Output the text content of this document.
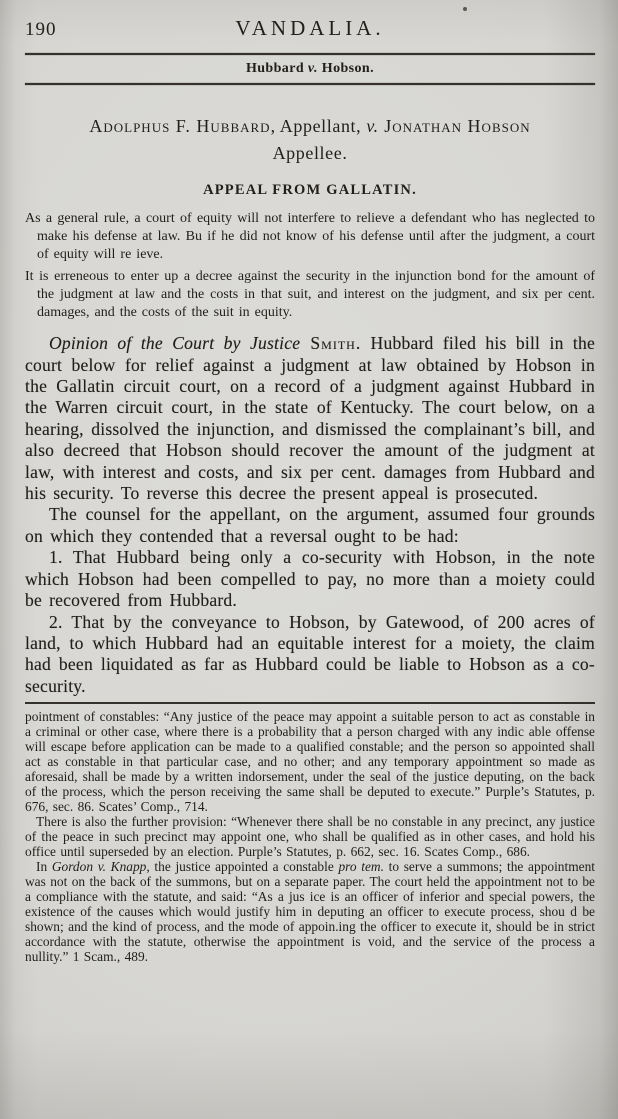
190	VANDALIA.
Hubbard v. Hobson.
Adolphus F. Hubbard, Appellant, v. Jonathan Hobson
Appellee.
APPEAL FROM GALLATIN.

As a general rule, a court of equity will not interfere to relieve a defendant who has neglected to make his defense at law. Bu if he did not know of his defense until after the judgment, a court of equity will re ieve.

It is erreneous to enter up a decree against the security in the injunction bond for the amount of the judgment at law and the costs in that suit, and interest on the judgment, and six per cent. damages, and the costs of the suit in equity.

Opinion of the Court by Justice Smith. Hubbard filed his bill in the court below for relief against a judgment at law obtained by Hobson in the Gallatin circuit court, on a record of a judgment against Hubbard in the Warren circuit court, in the state of Kentucky. The court below, on a hearing, dissolved the injunction, and dismissed the complainant’s bill, and also decreed that Hobson should recover the amount of the judgment at law, with interest and costs, and six per cent. damages from Hubbard and his security. To reverse this decree the present appeal is prosecuted.

The counsel for the appellant, on the argument, assumed four grounds on which they contended that a reversal ought to be had:

1. That Hubbard being only a co-security with Hobson, in the note which Hobson had been compelled to pay, no more than a moiety could be recovered from Hubbard.

2. That by the conveyance to Hobson, by Gatewood, of 200 acres of land, to which Hubbard had an equitable interest for a moiety, the claim had been liquidated as far as Hubbard could be liable to Hobson as a co-security.

pointment of constables: “Any justice of the peace may appoint a suitable person to act as constable in a criminal or other case, where there is a probability that a person charged with any indic able offense will escape before application can be made to a qualified constable; and the person so appointed shall act as constable in that particular case, and no other; and any temporary appointment so made as aforesaid, shall be made by a written indorsement, under the seal of the justice deputing, on the back of the process, which the person receiving the same shall be deputed to execute.” Purple’s Statutes, p. 676, sec. 86. Scates’ Comp., 714.

There is also the further provision: “Whenever there shall be no constable in any precinct, any justice of the peace in such precinct may appoint one, who shall be qualified as in other cases, and hold his office until superseded by an election. Purple’s Statutes, p. 662, sec. 16. Scates Comp., 686.

In Gordon v. Knapp, the justice appointed a constable pro tem. to serve a summons; the appointment was not on the back of the summons, but on a separate paper. The court held the appointment not to be a compliance with the statute, and said: “As a jus ice is an officer of inferior and special powers, the existence of the causes which would justify him in deputing an officer to execute process, shou d be shown; and the kind of process, and the mode of appoin.ing the officer to execute it, should be in strict accordance with the statute, otherwise the appointment is void, and the service of the process a nullity.” 1 Scam., 489.
